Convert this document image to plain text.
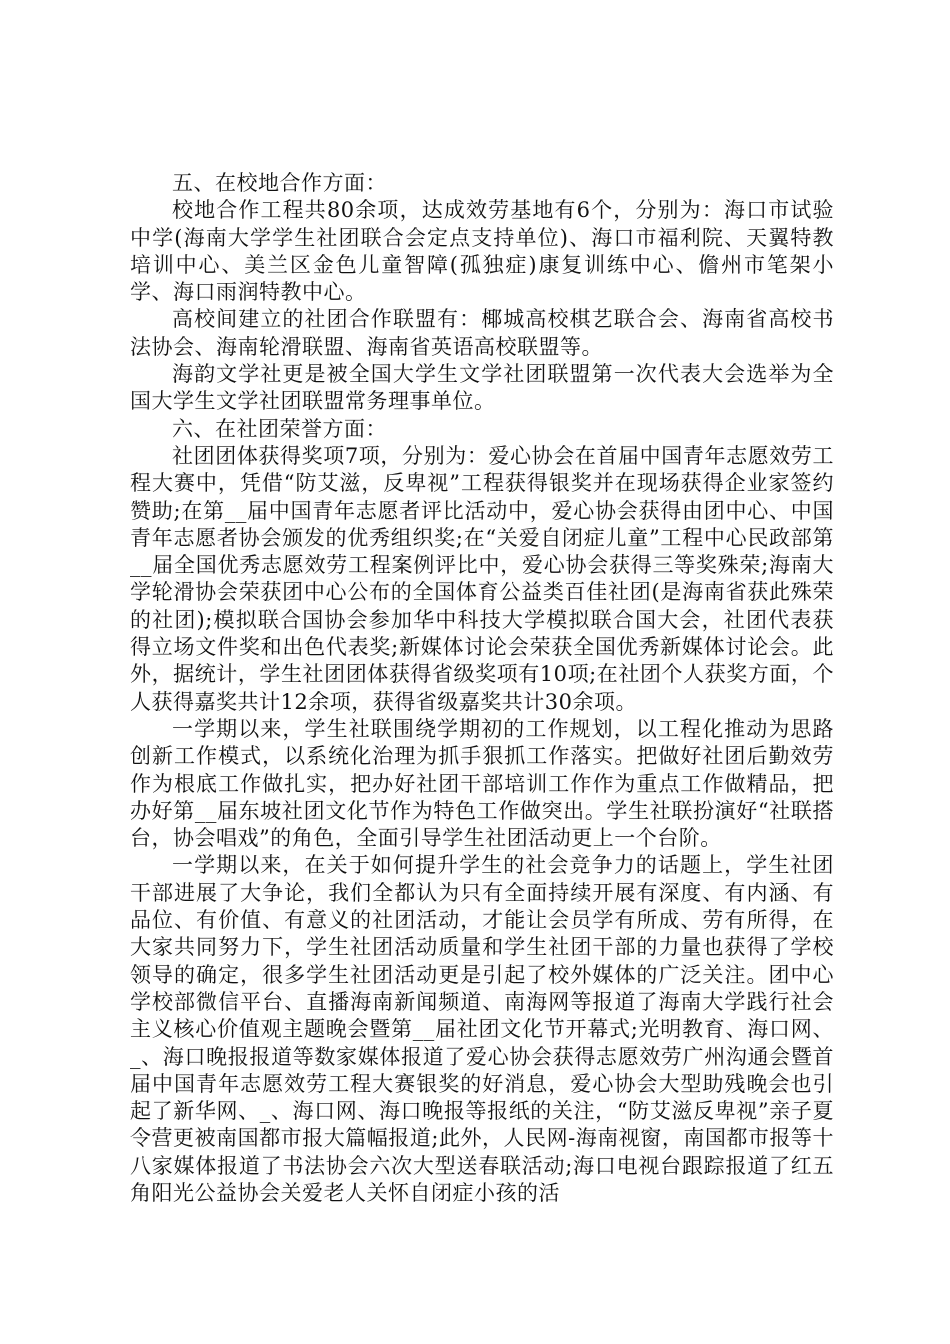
五、在校地合作方面：

校地合作工程共80余项，达成效劳基地有6个，分别为：海口市试验中学(海南大学学生社团联合会定点支持单位)、海口市福利院、天翼特教培训中心、美兰区金色儿童智障(孤独症)康复训练中心、儋州市笔架小学、海口雨润特教中心。

高校间建立的社团合作联盟有：椰城高校棋艺联合会、海南省高校书法协会、海南轮滑联盟、海南省英语高校联盟等。

海韵文学社更是被全国大学生文学社团联盟第一次代表大会选举为全国大学生文学社团联盟常务理事单位。

六、在社团荣誉方面：

社团团体获得奖项7项，分别为：爱心协会在首届中国青年志愿效劳工程大赛中，凭借“防艾滋，反卑视”工程获得银奖并在现场获得企业家签约赞助;在第__届中国青年志愿者评比活动中，爱心协会获得由团中心、中国青年志愿者协会颁发的优秀组织奖;在“关爱自闭症儿童”工程中心民政部第__届全国优秀志愿效劳工程案例评比中，爱心协会获得三等奖殊荣;海南大学轮滑协会荣获团中心公布的全国体育公益类百佳社团(是海南省获此殊荣的社团);模拟联合国协会参加华中科技大学模拟联合国大会，社团代表获得立场文件奖和出色代表奖;新媒体讨论会荣获全国优秀新媒体讨论会。此外，据统计，学生社团团体获得省级奖项有10项;在社团个人获奖方面，个人获得嘉奖共计12余项，获得省级嘉奖共计30余项。

一学期以来，学生社联围绕学期初的工作规划，以工程化推动为思路创新工作模式，以系统化治理为抓手狠抓工作落实。把做好社团后勤效劳作为根底工作做扎实，把办好社团干部培训工作作为重点工作做精品，把办好第__届东坡社团文化节作为特色工作做突出。学生社联扮演好“社联搭台，协会唱戏”的角色，全面引导学生社团活动更上一个台阶。

一学期以来，在关于如何提升学生的社会竞争力的话题上，学生社团干部进展了大争论，我们全都认为只有全面持续开展有深度、有内涵、有品位、有价值、有意义的社团活动，才能让会员学有所成、劳有所得，在大家共同努力下，学生社团活动质量和学生社团干部的力量也获得了学校领导的确定，很多学生社团活动更是引起了校外媒体的广泛关注。团中心学校部微信平台、直播海南新闻频道、南海网等报道了海南大学践行社会主义核心价值观主题晚会暨第__届社团文化节开幕式;光明教育、海口网、_、海口晚报报道等数家媒体报道了爱心协会获得志愿效劳广州沟通会暨首届中国青年志愿效劳工程大赛银奖的好消息，爱心协会大型助残晚会也引起了新华网、_、海口网、海口晚报等报纸的关注，“防艾滋反卑视”亲子夏令营更被南国都市报大篇幅报道;此外，人民网-海南视窗，南国都市报等十八家媒体报道了书法协会六次大型送春联活动;海口电视台跟踪报道了红五角阳光公益协会关爱老人关怀自闭症小孩的活
